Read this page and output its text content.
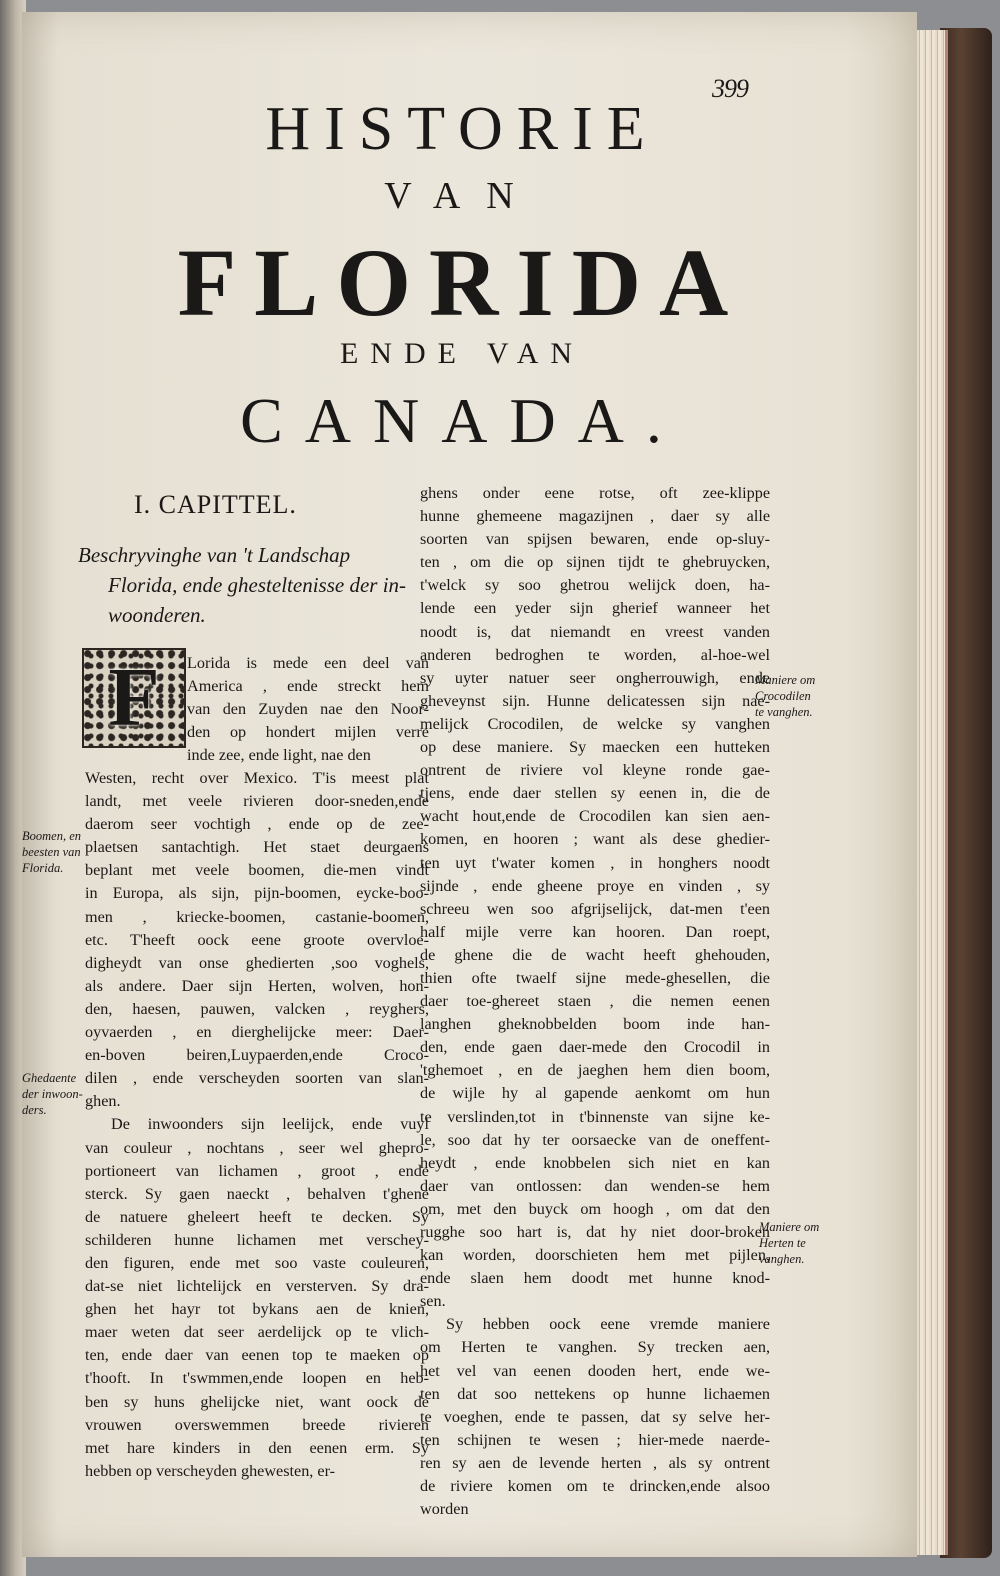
399
HISTORIE
VAN
FLORIDA
ENDE VAN
CANADA.
I. CAPITTEL.
Beschryvinghe van 't Landschap
Florida, ende ghesteltenisse der in-
woonderen.
F Lorida is mede een deel van
America , ende streckt hem
van den Zuyden nae den Noor-
den op hondert mijlen verre
inde zee, ende light, nae den
Westen, recht over Mexico. T'is meest plat
landt, met veele rivieren door-sneden,ende
daerom seer vochtigh , ende op de zee-
plaetsen santachtigh. Het staet deurgaens
beplant met veele boomen, die-men vindt
in Europa, als sijn, pijn-boomen, eycke-boo-
men , kriecke-boomen, castanie-boomen,
etc. T'heeft oock eene groote overvloe-
digheydt van onse ghedierten ,soo voghels,
als andere. Daer sijn Herten, wolven, hon-
den, haesen, pauwen, valcken , reyghers,
oyvaerden , en dierghelijcke meer: Daer-
en-boven beiren,Luypaerden,ende Croco-
dilen , ende verscheyden soorten van slan-
ghen.
De inwoonders sijn leelijck, ende vuyl
van couleur , nochtans , seer wel ghepro-
portioneert van lichamen , groot , ende
sterck. Sy gaen naeckt , behalven t'ghene
de natuere gheleert heeft te decken. Sy
schilderen hunne lichamen met verschey-
den figuren, ende met soo vaste couleuren,
dat-se niet lichtelijck en versterven. Sy dra-
ghen het hayr tot bykans aen de knien,
maer weten dat seer aerdelijck op te vlich-
ten, ende daer van eenen top te maeken op
t'hooft. In t'swmmen,ende loopen en heb-
ben sy huns ghelijcke niet, want oock de
vrouwen overswemmen breede rivieren
met hare kinders in den eenen erm. Sy
hebben op verscheyden ghewesten, er-
ghens onder eene rotse, oft zee-klippe
hunne ghemeene magazijnen , daer sy alle
soorten van spijsen bewaren, ende op-sluy-
ten , om die op sijnen tijdt te ghebruycken,
t'welck sy soo ghetrou welijck doen, ha-
lende een yeder sijn gherief wanneer het
noodt is, dat niemandt en vreest vanden
anderen bedroghen te worden, al-hoe-wel
sy uyter natuer seer ongherrouwigh, ende
gheveynst sijn. Hunne delicatessen sijn nae-
melijck Crocodilen, de welcke sy vanghen
op dese maniere. Sy maecken een hutteken
ontrent de riviere vol kleyne ronde gae-
tjens, ende daer stellen sy eenen in, die de
wacht hout,ende de Crocodilen kan sien aen-
komen, en hooren ; want als dese ghedier-
ten uyt t'water komen , in honghers noodt
sijnde , ende gheene proye en vinden , sy
schreeu wen soo afgrijselijck, dat-men t'een
half mijle verre kan hooren. Dan roept,
de ghene die de wacht heeft ghehouden,
thien ofte twaelf sijne mede-ghesellen, die
daer toe-ghereet staen , die nemen eenen
langhen gheknobbelden boom inde han-
den, ende gaen daer-mede den Crocodil in
'tghemoet , en de jaeghen hem dien boom,
de wijle hy al gapende aenkomt om hun
te verslinden,tot in t'binnenste van sijne ke-
le, soo dat hy ter oorsaecke van de oneffent-
heydt , ende knobbelen sich niet en kan
daer van ontlossen: dan wenden-se hem
om, met den buyck om hoogh , om dat den
rugghe soo hart is, dat hy niet door-broken
kan worden, doorschieten hem met pijlen,
ende slaen hem doodt met hunne knod-
sen.
Sy hebben oock eene vremde maniere
om Herten te vanghen. Sy trecken aen,
het vel van eenen dooden hert, ende we-
ten dat soo nettekens op hunne lichaemen
te voeghen, ende te passen, dat sy selve her-
ten schijnen te wesen ; hier-mede naerde-
ren sy aen de levende herten , als sy ontrent
de riviere komen om te drincken,ende alsoo
worden
Boomen, en
beesten van
Florida.
Ghedaente
der inwoon-
ders.
Maniere om
Crocodilen
te vanghen.
Maniere om
Herten te
vanghen.
